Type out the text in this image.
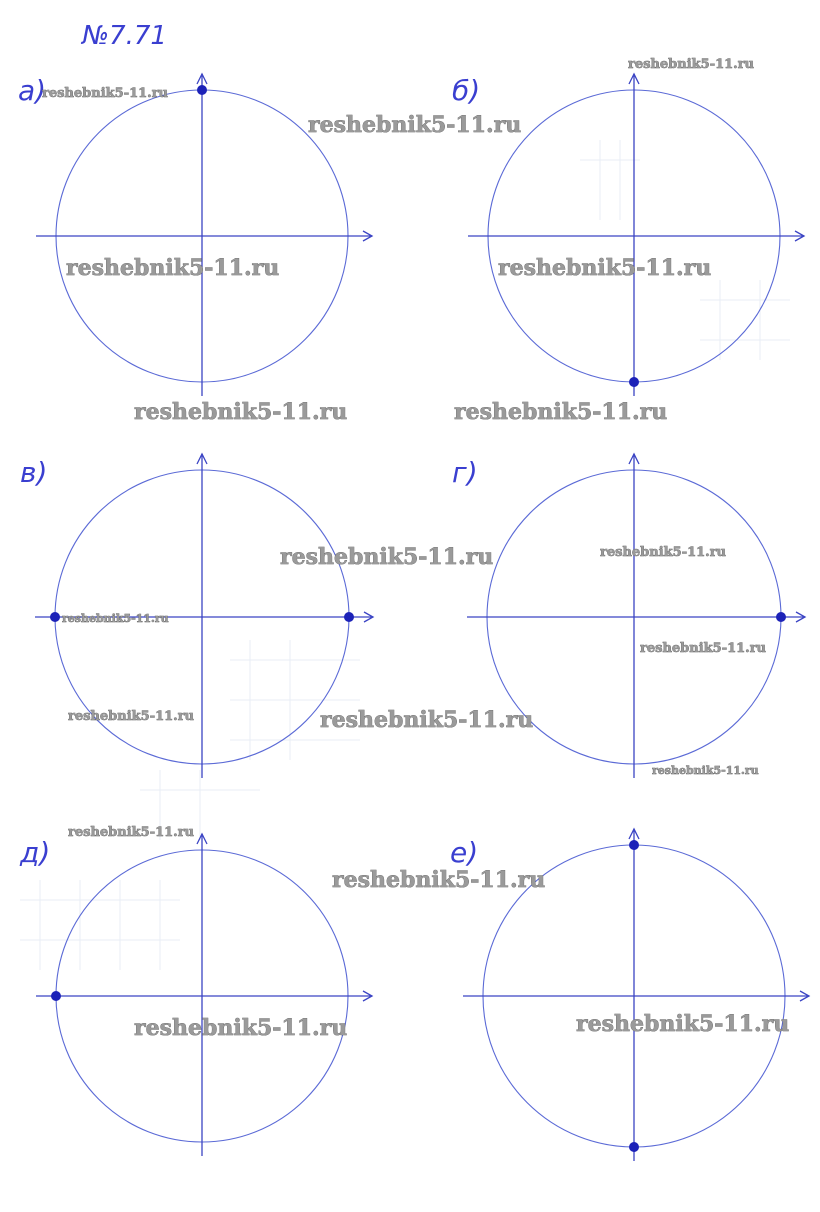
№7.71
а)	б)
в)	г)
д)	е)
reshebnik5-11.ru
reshebnik5-11.ru
reshebnik5-11.ru
reshebnik5-11.ru	reshebnik5-11.ru
reshebnik5-11.ru	reshebnik5-11.ru
reshebnik5-11.ru	reshebnik5-11.ru
reshebnik5-11.ru
reshebnik5-11.ru
reshebnik5-11.ru	reshebnik5-11.ru
reshebnik5-11.ru
reshebnik5-11.ru
reshebnik5-11.ru
reshebnik5-11.ru	reshebnik5-11.ru
